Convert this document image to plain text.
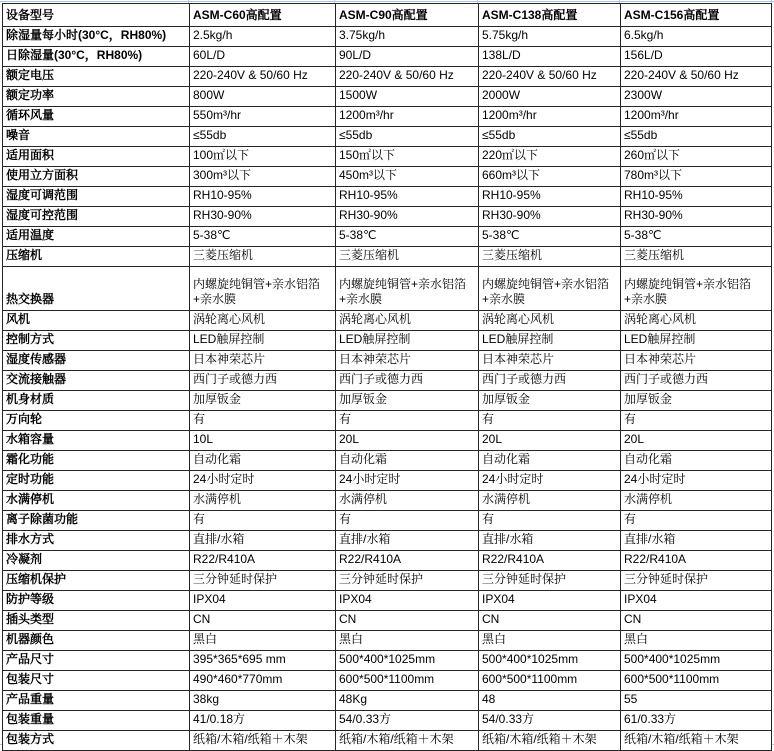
设备型号	ASM-C60高配置	ASM-C90高配置	ASM-C138高配置	ASM-C156高配置
除湿量每小时(30°C，RH80%)	2.5kg/h	3.75kg/h	5.75kg/h	6.5kg/h
日除湿量(30°C，RH80%)	60L/D	90L/D	138L/D	156L/D
额定电压	220-240V & 50/60 Hz	220-240V & 50/60 Hz	220-240V & 50/60 Hz	220-240V & 50/60 Hz
额定功率	800W	1500W	2000W	2300W
循环风量	550m³/hr	1200m³/hr	1200m³/hr	1200m³/hr
噪音	≤55db	≤55db	≤55db	≤55db
适用面积	100㎡以下	150㎡以下	220㎡以下	260㎡以下
使用立方面积	300m³以下	450m³以下	660m³以下	780m³以下
湿度可调范围	RH10-95%	RH10-95%	RH10-95%	RH10-95%
湿度可控范围	RH30-90%	RH30-90%	RH30-90%	RH30-90%
适用温度	5-38℃	5-38℃	5-38℃	5-38℃
压缩机	三菱压缩机	三菱压缩机	三菱压缩机	三菱压缩机
热交换器	内螺旋纯铜管+亲水铝箔+亲水膜	内螺旋纯铜管+亲水铝箔+亲水膜	内螺旋纯铜管+亲水铝箔+亲水膜	内螺旋纯铜管+亲水铝箔+亲水膜
风机	涡轮离心风机	涡轮离心风机	涡轮离心风机	涡轮离心风机
控制方式	LED触屏控制	LED触屏控制	LED触屏控制	LED触屏控制
湿度传感器	日本神荣芯片	日本神荣芯片	日本神荣芯片	日本神荣芯片
交流接触器	西门子或德力西	西门子或德力西	西门子或德力西	西门子或德力西
机身材质	加厚钣金	加厚钣金	加厚钣金	加厚钣金
万向轮	有	有	有	有
水箱容量	10L	20L	20L	20L
霜化功能	自动化霜	自动化霜	自动化霜	自动化霜
定时功能	24小时定时	24小时定时	24小时定时	24小时定时
水满停机	水满停机	水满停机	水满停机	水满停机
离子除菌功能	有	有	有	有
排水方式	直排/水箱	直排/水箱	直排/水箱	直排/水箱
冷凝剂	R22/R410A	R22/R410A	R22/R410A	R22/R410A
压缩机保护	三分钟延时保护	三分钟延时保护	三分钟延时保护	三分钟延时保护
防护等级	IPX04	IPX04	IPX04	IPX04
插头类型	CN	CN	CN	CN
机器颜色	黑白	黑白	黑白	黑白
产品尺寸	395*365*695 mm	500*400*1025mm	500*400*1025mm	500*400*1025mm
包装尺寸	490*460*770mm	600*500*1100mm	600*500*1100mm	600*500*1100mm
产品重量	38kg	48Kg	48	55
包装重量	41/0.18方	54/0.33方	54/0.33方	61/0.33方
包装方式	纸箱/木箱/纸箱＋木架	纸箱/木箱/纸箱＋木架	纸箱/木箱/纸箱＋木架	纸箱/木箱/纸箱＋木架
